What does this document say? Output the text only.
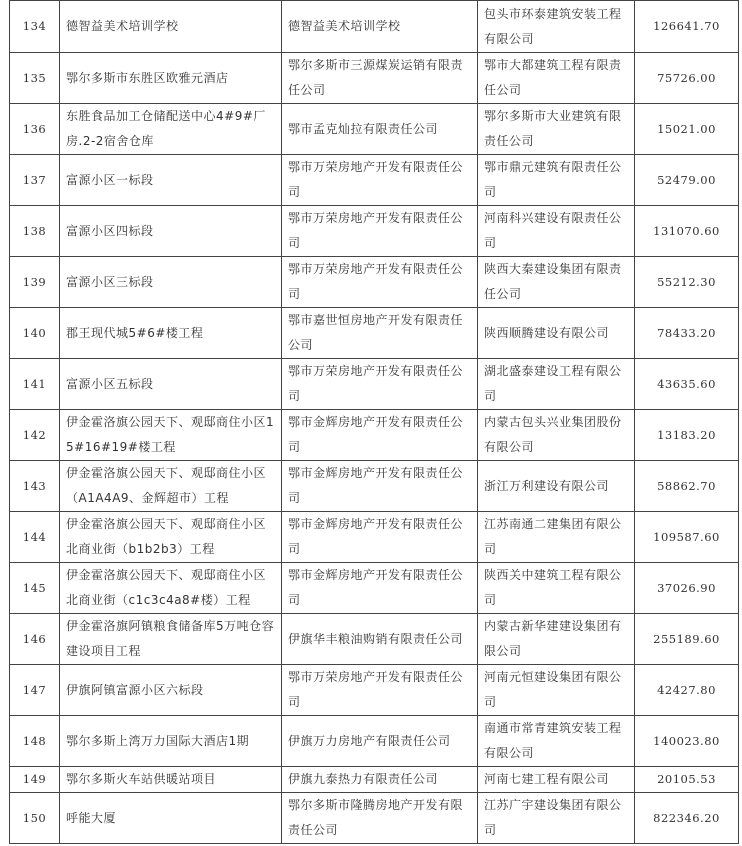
134	德智益美术培训学校	德智益美术培训学校	包头市环泰建筑安装工程有限公司	126641.70
135	鄂尔多斯市东胜区欧雅元酒店	鄂尔多斯市三源煤炭运销有限责任公司	鄂市大都建筑工程有限责任公司	75726.00
136	东胜食品加工仓储配送中心4#9#厂房.2-2宿舍仓库	鄂市孟克灿拉有限责任公司	鄂尔多斯市大业建筑有限责任公司	15021.00
137	富源小区一标段	鄂市万荣房地产开发有限责任公司	鄂市鼎元建筑有限责任公司	52479.00
138	富源小区四标段	鄂市万荣房地产开发有限责任公司	河南科兴建设有限责任公司	131070.60
139	富源小区三标段	鄂市万荣房地产开发有限责任公司	陕西大秦建设集团有限责任公司	55212.30
140	郡王现代城5#6#楼工程	鄂市嘉世恒房地产开发有限责任公司	陕西顺腾建设有限公司	78433.20
141	富源小区五标段	鄂市万荣房地产开发有限责任公司	湖北盛泰建设工程有限公司	43635.60
142	伊金霍洛旗公园天下、观邸商住小区15#16#19#楼工程	鄂市金辉房地产开发有限责任公司	内蒙古包头兴业集团股份有限公司	13183.20
143	伊金霍洛旗公园天下、观邸商住小区（A1A4A9、金辉超市）工程	鄂市金辉房地产开发有限责任公司	浙江万利建设有限公司	58862.70
144	伊金霍洛旗公园天下、观邸商住小区北商业街（b1b2b3）工程	鄂市金辉房地产开发有限责任公司	江苏南通二建集团有限公司	109587.60
145	伊金霍洛旗公园天下、观邸商住小区北商业街（c1c3c4a8#楼）工程	鄂市金辉房地产开发有限责任公司	陕西关中建筑工程有限公司	37026.90
146	伊金霍洛旗阿镇粮食储备库5万吨仓容建设项目工程	伊旗华丰粮油购销有限责任公司	内蒙古新华建建设集团有限公司	255189.60
147	伊旗阿镇富源小区六标段	鄂市万荣房地产开发有限责任公司	河南元恒建设集团有限公司	42427.80
148	鄂尔多斯上湾万力国际大酒店1期	伊旗万力房地产有限责任公司	南通市常青建筑安装工程有限公司	140023.80
149	鄂尔多斯火车站供暖站项目	伊旗九泰热力有限责任公司	河南七建工程有限公司	20105.53
150	呼能大厦	鄂尔多斯市隆腾房地产开发有限责任公司	江苏广宇建设集团有限公司	822346.20
